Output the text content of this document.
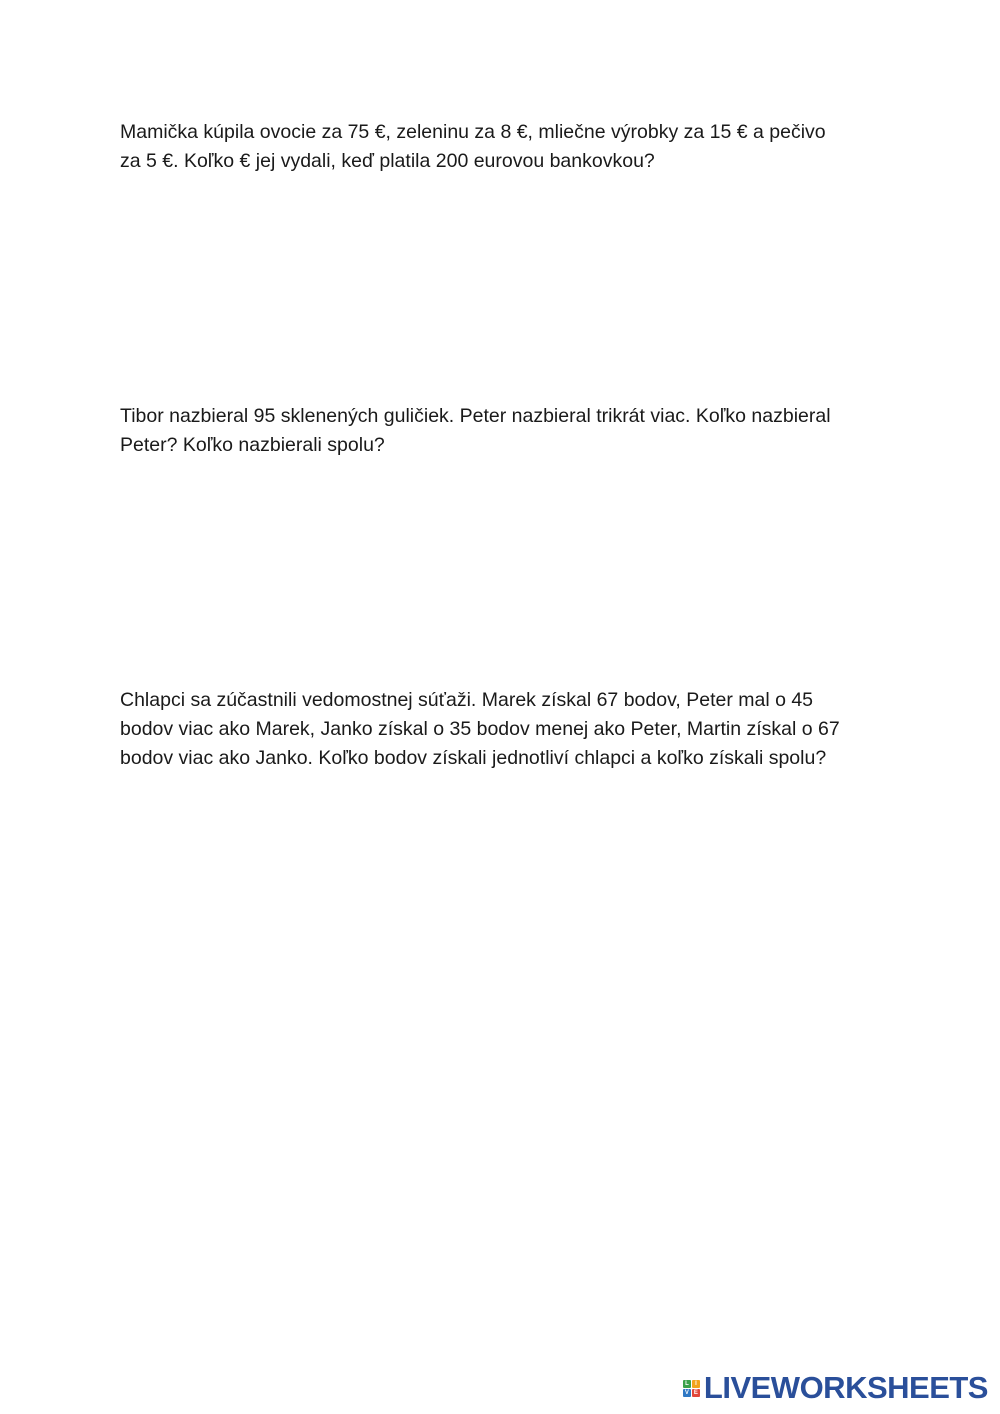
Mamička kúpila ovocie za 75 €, zeleninu za 8 €, mliečne výrobky za 15 € a pečivo
za 5 €. Koľko € jej vydali, keď platila 200 eurovou bankovkou?

Tibor nazbieral 95 sklenených guličiek. Peter nazbieral trikrát viac. Koľko nazbieral
Peter? Koľko nazbierali spolu?

Chlapci sa zúčastnili vedomostnej súťaži. Marek získal 67 bodov, Peter mal o 45
bodov viac ako Marek, Janko získal o 35 bodov menej ako Peter, Martin získal o 67
bodov viac ako Janko. Koľko bodov získali jednotliví chlapci a koľko získali spolu?

L	I
V E LIVEWORKSHEETS
